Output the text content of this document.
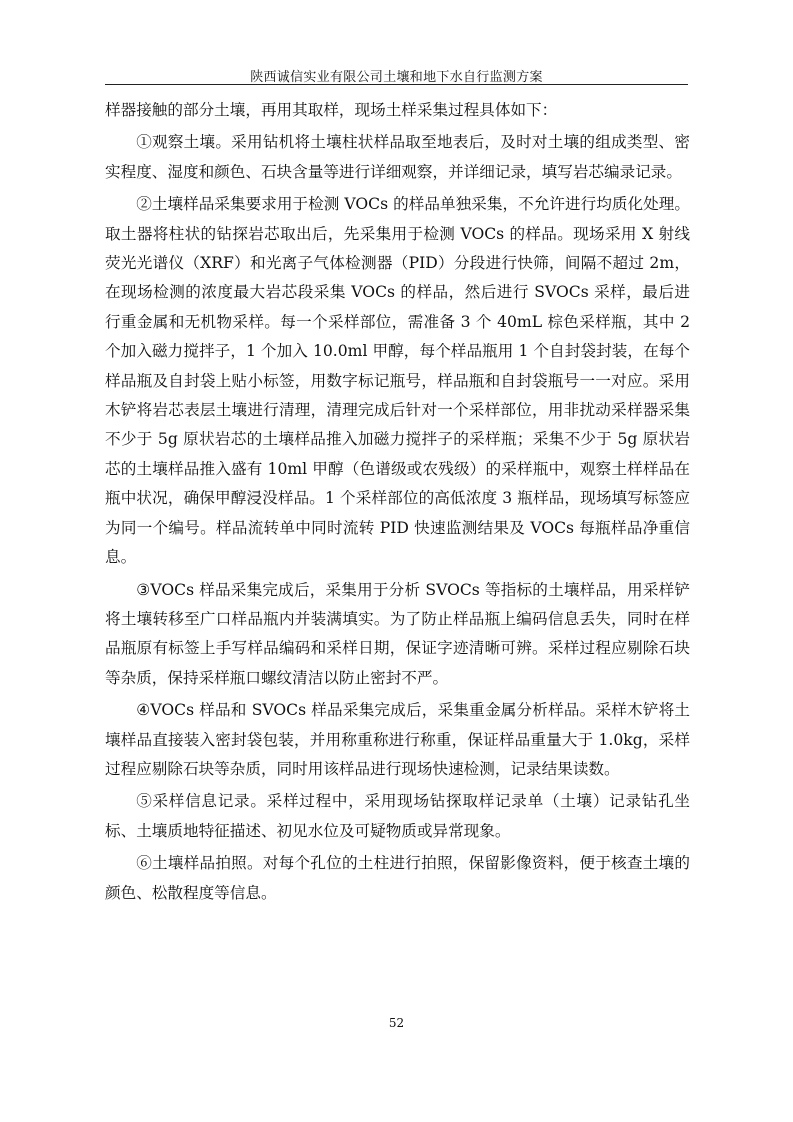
陕西诚信实业有限公司土壤和地下水自行监测方案

样器接触的部分土壤，再用其取样，现场土样采集过程具体如下：

①观察土壤。采用钻机将土壤柱状样品取至地表后，及时对土壤的组成类型、密实程度、湿度和颜色、石块含量等进行详细观察，并详细记录，填写岩芯编录记录。

②土壤样品采集要求用于检测 VOCs 的样品单独采集，不允许进行均质化处理。取土器将柱状的钻探岩芯取出后，先采集用于检测 VOCs 的样品。现场采用 X 射线荧光光谱仪（XRF）和光离子气体检测器（PID）分段进行快筛，间隔不超过 2m，在现场检测的浓度最大岩芯段采集 VOCs 的样品，然后进行 SVOCs 采样，最后进行重金属和无机物采样。每一个采样部位，需准备 3 个 40mL 棕色采样瓶，其中 2 个加入磁力搅拌子，1 个加入 10.0ml 甲醇，每个样品瓶用 1 个自封袋封装，在每个样品瓶及自封袋上贴小标签，用数字标记瓶号，样品瓶和自封袋瓶号一一对应。采用木铲将岩芯表层土壤进行清理，清理完成后针对一个采样部位，用非扰动采样器采集不少于 5g 原状岩芯的土壤样品推入加磁力搅拌子的采样瓶；采集不少于 5g 原状岩芯的土壤样品推入盛有 10ml 甲醇（色谱级或农残级）的采样瓶中，观察土样样品在瓶中状况，确保甲醇浸没样品。1 个采样部位的高低浓度 3 瓶样品，现场填写标签应为同一个编号。样品流转单中同时流转 PID 快速监测结果及 VOCs 每瓶样品净重信息。

③VOCs 样品采集完成后，采集用于分析 SVOCs 等指标的土壤样品，用采样铲将土壤转移至广口样品瓶内并装满填实。为了防止样品瓶上编码信息丢失，同时在样品瓶原有标签上手写样品编码和采样日期，保证字迹清晰可辨。采样过程应剔除石块等杂质，保持采样瓶口螺纹清洁以防止密封不严。

④VOCs 样品和 SVOCs 样品采集完成后，采集重金属分析样品。采样木铲将土壤样品直接装入密封袋包装，并用称重称进行称重，保证样品重量大于 1.0kg，采样过程应剔除石块等杂质，同时用该样品进行现场快速检测，记录结果读数。

⑤采样信息记录。采样过程中，采用现场钻探取样记录单（土壤）记录钻孔坐标、土壤质地特征描述、初见水位及可疑物质或异常现象。

⑥土壤样品拍照。对每个孔位的土柱进行拍照，保留影像资料，便于核查土壤的颜色、松散程度等信息。

52
